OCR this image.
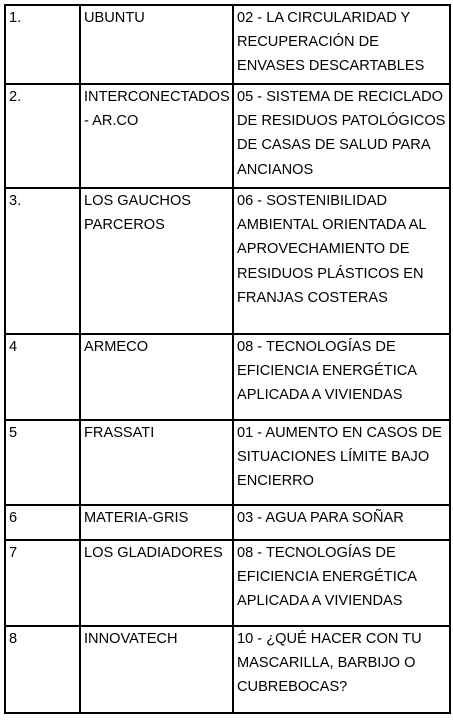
1.	UBUNTU	02 - LA CIRCULARIDAD Y RECUPERACIÓN DE ENVASES DESCARTABLES
2.	INTERCONECTADOS - AR.CO	05 - SISTEMA DE RECICLADO DE RESIDUOS PATOLÓGICOS DE CASAS DE SALUD PARA ANCIANOS
3.	LOS GAUCHOS PARCEROS	06 - SOSTENIBILIDAD AMBIENTAL ORIENTADA AL APROVECHAMIENTO DE RESIDUOS PLÁSTICOS EN FRANJAS COSTERAS
4	ARMECO	08 - TECNOLOGÍAS DE EFICIENCIA ENERGÉTICA APLICADA A VIVIENDAS
5	FRASSATI	01 - AUMENTO EN CASOS DE SITUACIONES LÍMITE BAJO ENCIERRO
6	MATERIA-GRIS	03 - AGUA PARA SOÑAR
7	LOS GLADIADORES	08 - TECNOLOGÍAS DE EFICIENCIA ENERGÉTICA APLICADA A VIVIENDAS
8	INNOVATECH	10 - ¿QUÉ HACER CON TU MASCARILLA, BARBIJO O CUBREBOCAS?
